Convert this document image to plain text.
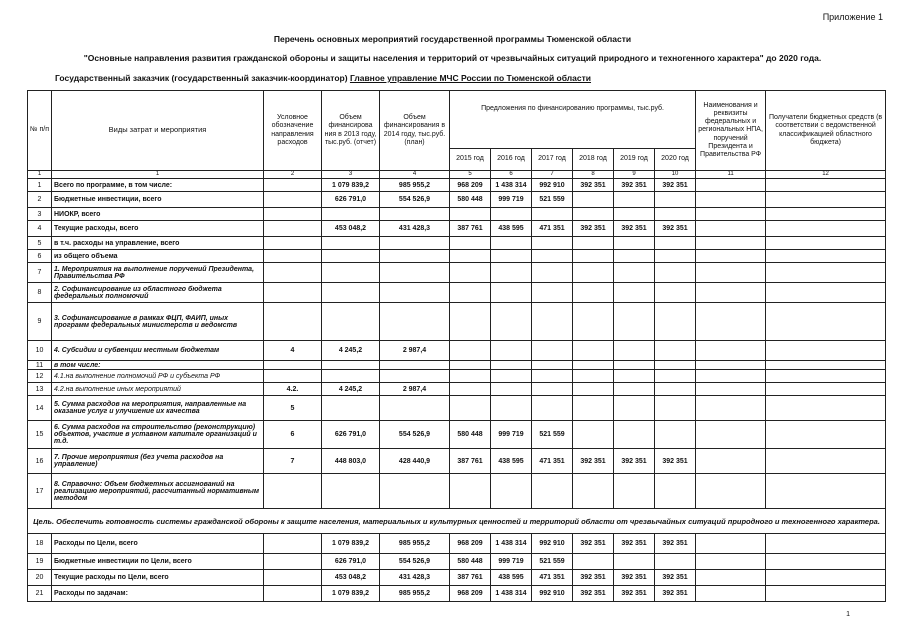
Приложение 1
Перечень основных мероприятий государственной программы Тюменской области
"Основные направления развития гражданской обороны и защиты населения и территорий от чрезвычайных ситуаций природного и техногенного характера" до 2020 года.
Государственный заказчик (государственный заказчик-координатор) Главное управление МЧС России по Тюменской области
№ п/п	Виды затрат и мероприятия	Условное обозначение направления расходов	Объем финансирова ния в 2013 году, тыс.руб. (отчет)	Объем финансирования в 2014 году, тыс.руб. (план)	Предложения по финансированию программы, тыс.руб.						Наименования и реквизиты федеральных и региональных НПА, поручений Президента и Правительства РФ	Получатели бюджетных средств (в соответствии с ведомственной классификацией областного бюджета)
					2015 год	2016 год	2017 год	2018 год	2019 год	2020 год		
1	1	2	3	4	5	6	7	8	9	10	11	12
1	Всего по программе, в том числе:		1 079 839,2	985 955,2	968 209	1 438 314	992 910	392 351	392 351	392 351		
2	Бюджетные инвестиции, всего		626 791,0	554 526,9	580 448	999 719	521 559					
3	НИОКР, всего											
4	Текущие расходы, всего		453 048,2	431 428,3	387 761	438 595	471 351	392 351	392 351	392 351		
5	в т.ч. расходы на управление, всего											
6	из общего объема											
7	1. Мероприятия на выполнение поручений Президента, Правительства РФ											
8	2. Софинансирование из областного бюджета федеральных полномочий											
9	3. Софинансирование в рамках ФЦП, ФАИП, иных программ федеральных министерств и ведомств											
10	4. Субсидии и субвенции местным бюджетам	4	4 245,2	2 987,4								
11	в том числе:											
12	4.1.на выполнение полномочий РФ и субъекта РФ											
13	4.2.на выполнение иных мероприятий	4.2.	4 245,2	2 987,4								
14	5. Сумма расходов на мероприятия, направленные на оказание услуг и улучшение их качества	5										
15	6. Сумма расходов на строительство (реконструкцию) объектов, участие в уставном капитале организаций и т.д.	6	626 791,0	554 526,9	580 448	999 719	521 559					
16	7. Прочие мероприятия (без учета расходов на управление)	7	448 803,0	428 440,9	387 761	438 595	471 351	392 351	392 351	392 351		
17	8. Справочно: Объем бюджетных ассигнований на реализацию мероприятий, рассчитанный нормативным методом											
Цель. Обеспечить готовность системы гражданской обороны к защите населения, материальных и культурных ценностей и территорий области от чрезвычайных ситуаций природного и техногенного характера.												
18	Расходы по Цели, всего		1 079 839,2	985 955,2	968 209	1 438 314	992 910	392 351	392 351	392 351		
19	Бюджетные инвестиции по Цели, всего		626 791,0	554 526,9	580 448	999 719	521 559					
20	Текущие расходы по Цели, всего		453 048,2	431 428,3	387 761	438 595	471 351	392 351	392 351	392 351		
21	Расходы по задачам:		1 079 839,2	985 955,2	968 209	1 438 314	992 910	392 351	392 351	392 351		
1
